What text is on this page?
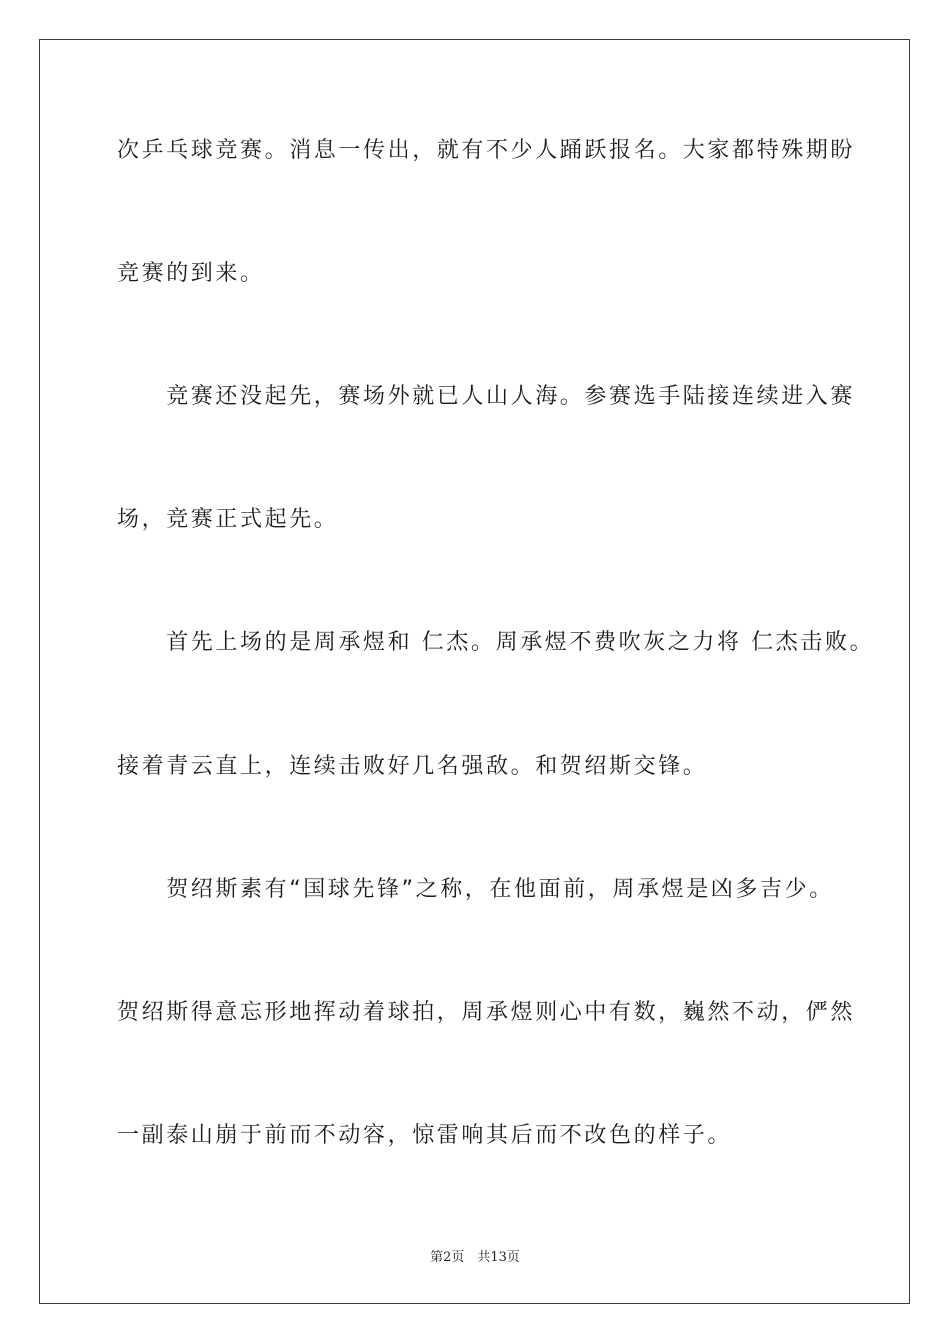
次乒乓球竞赛。消息一传出，就有不少人踊跃报名。大家都特殊期盼
竞赛的到来。
　　竞赛还没起先，赛场外就已人山人海。参赛选手陆接连续进入赛
场，竞赛正式起先。
　　首先上场的是周承煜和 仁杰。周承煜不费吹灰之力将 仁杰击败。
接着青云直上，连续击败好几名强敌。和贺绍斯交锋。
　　贺绍斯素有“国球先锋”之称，在他面前，周承煜是凶多吉少。
贺绍斯得意忘形地挥动着球拍，周承煜则心中有数，巍然不动，俨然
一副泰山崩于前而不动容，惊雷响其后而不改色的样子。
第2页　共13页
